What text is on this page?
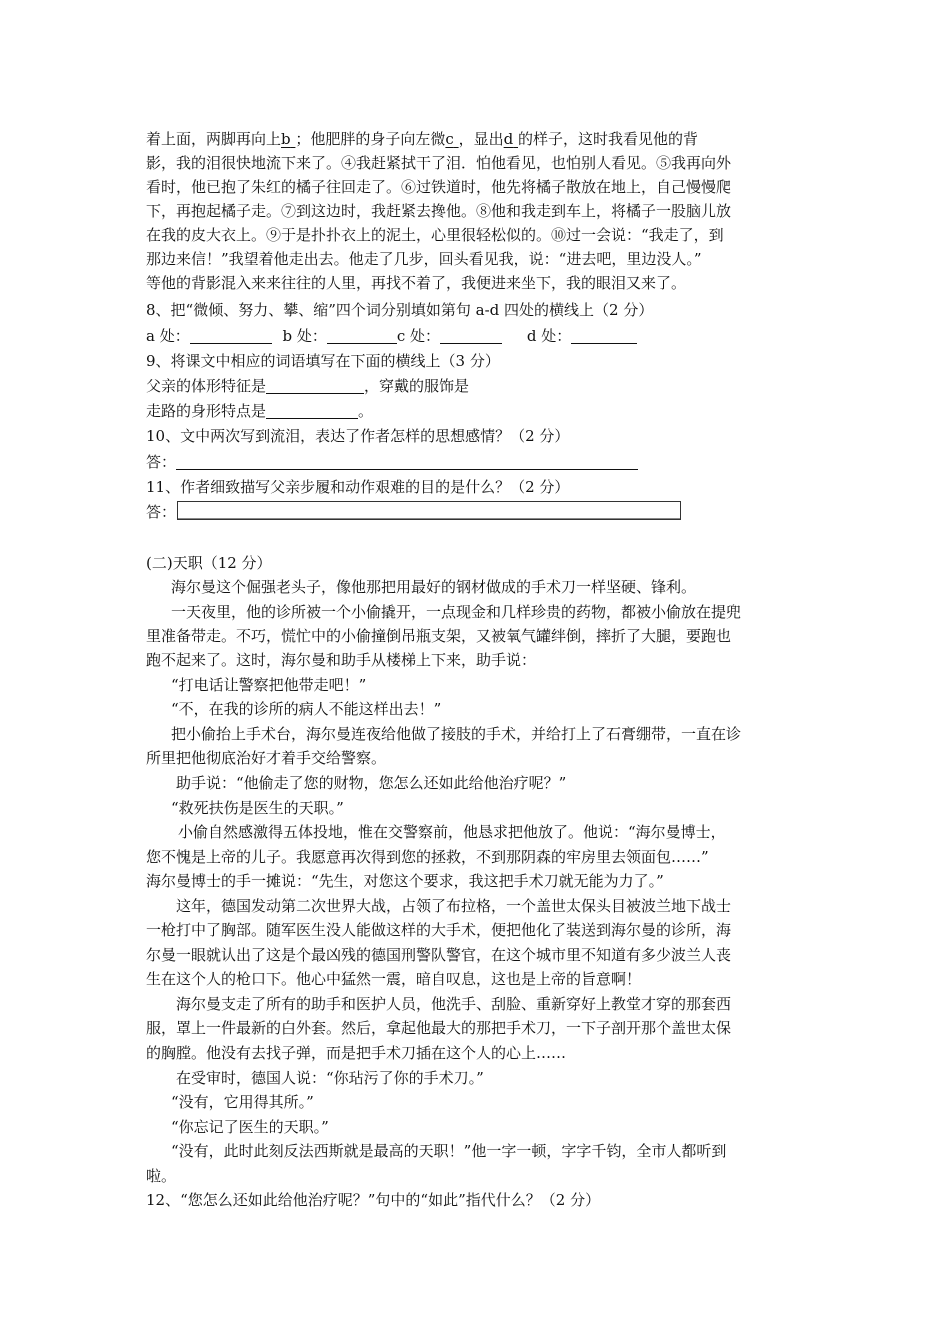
着上面，两脚再向上b ；他肥胖的身子向左微c ，显出d 的样子，这时我看见他的背
影，我的泪很快地流下来了。④我赶紧拭干了泪．怕他看见，也怕别人看见。⑤我再向外
看时，他已抱了朱红的橘子往回走了。⑥过铁道时，他先将橘子散放在地上，自己慢慢爬
下，再抱起橘子走。⑦到这边时，我赶紧去搀他。⑧他和我走到车上，将橘子一股脑儿放
在我的皮大衣上。⑨于是扑扑衣上的泥土，心里很轻松似的。⑩过一会说：“我走了，到
那边来信！”我望着他走出去。他走了几步，回头看见我，说：“进去吧，里边没人。”
等他的背影混入来来往往的人里，再找不着了，我便进来坐下，我的眼泪又来了。
8、把“微倾、努力、攀、缩”四个词分别填如第句 a-d 四处的横线上（2 分）
a 处：	b 处：	c 处：	d 处：
9、将课文中相应的词语填写在下面的横线上（3 分）
父亲的体形特征是	，穿戴的服饰是
走路的身形特点是	。
10、文中两次写到流泪，表达了作者怎样的思想感情？（2 分）
答：
11、作者细致描写父亲步履和动作艰难的目的是什么？（2 分）
答：
(二)天职（12 分）
海尔曼这个倔强老头子，像他那把用最好的钢材做成的手术刀一样坚硬、锋利。
一天夜里，他的诊所被一个小偷撬开，一点现金和几样珍贵的药物，都被小偷放在提兜
里准备带走。不巧，慌忙中的小偷撞倒吊瓶支架，又被氧气罐绊倒，摔折了大腿，要跑也
跑不起来了。这时，海尔曼和助手从楼梯上下来，助手说：
“打电话让警察把他带走吧！”
“不，在我的诊所的病人不能这样出去！”
把小偷抬上手术台，海尔曼连夜给他做了接肢的手术，并给打上了石膏绷带，一直在诊
所里把他彻底治好才着手交给警察。
助手说：“他偷走了您的财物，您怎么还如此给他治疗呢？”
“救死扶伤是医生的天职。”
小偷自然感激得五体投地，惟在交警察前，他恳求把他放了。他说：“海尔曼博士，
您不愧是上帝的儿子。我愿意再次得到您的拯救，不到那阴森的牢房里去领面包……”
海尔曼博士的手一摊说：“先生，对您这个要求，我这把手术刀就无能为力了。”
这年，德国发动第二次世界大战，占领了布拉格，一个盖世太保头目被波兰地下战士
一枪打中了胸部。随军医生没人能做这样的大手术，便把他化了装送到海尔曼的诊所，海
尔曼一眼就认出了这是个最凶残的德国刑警队警官，在这个城市里不知道有多少波兰人丧
生在这个人的枪口下。他心中猛然一震，暗自叹息，这也是上帝的旨意啊！
海尔曼支走了所有的助手和医护人员，他洗手、刮脸、重新穿好上教堂才穿的那套西
服，罩上一件最新的白外套。然后，拿起他最大的那把手术刀，一下子剖开那个盖世太保
的胸膛。他没有去找子弹，而是把手术刀插在这个人的心上……
在受审时，德国人说：“你玷污了你的手术刀。”
“没有，它用得其所。”
“你忘记了医生的天职。”
“没有，此时此刻反法西斯就是最高的天职！”他一字一顿，字字千钧，全市人都听到
啦。
12、“您怎么还如此给他治疗呢？”句中的“如此”指代什么？（2 分）
